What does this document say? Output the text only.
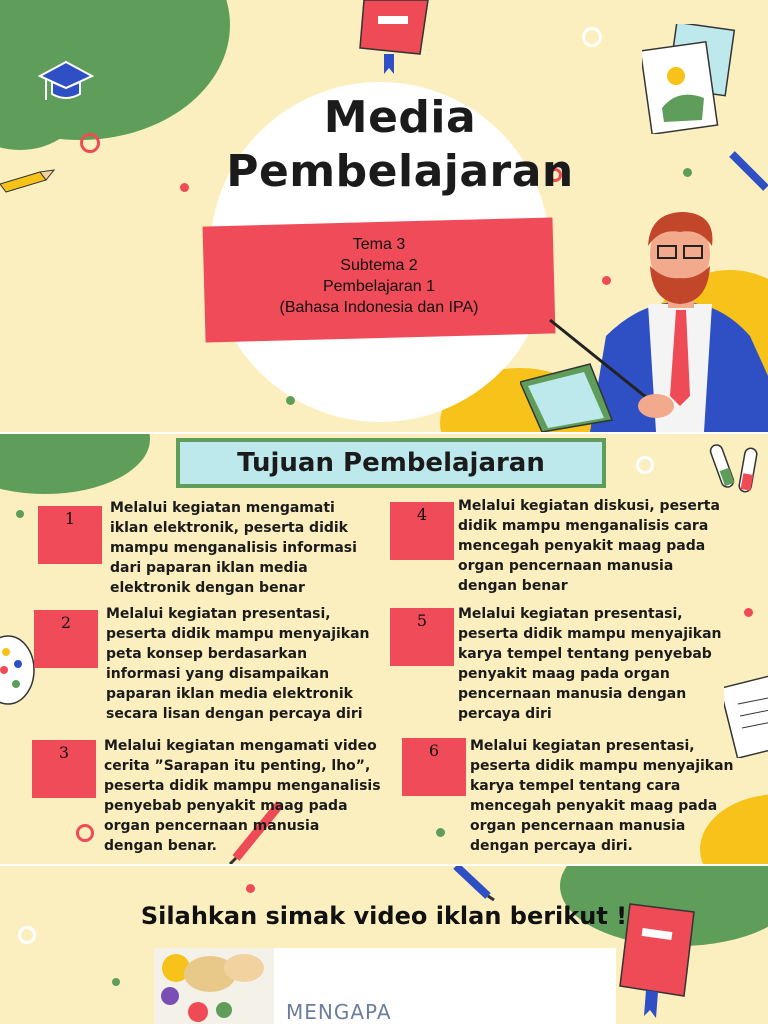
Media
Pembelajaran
Tema 3
Subtema 2
Pembelajaran 1
(Bahasa Indonesia dan IPA)
Tujuan Pembelajaran
1
Melalui kegiatan mengamati
iklan elektronik, peserta didik
mampu menganalisis informasi
dari paparan iklan media
elektronik dengan benar
2	Melalui kegiatan presentasi,
peserta didik mampu menyajikan
peta konsep berdasarkan
informasi yang disampaikan
paparan iklan media elektronik
secara lisan dengan percaya diri
3	Melalui kegiatan mengamati video
cerita ”Sarapan itu penting, lho”,
peserta didik mampu menganalisis
penyebab penyakit maag pada
organ pencernaan manusia
dengan benar.
4	Melalui kegiatan diskusi, peserta
didik mampu menganalisis cara
mencegah penyakit maag pada
organ pencernaan manusia
dengan benar
5	Melalui kegiatan presentasi,
peserta didik mampu menyajikan
karya tempel tentang penyebab
penyakit maag pada organ
pencernaan manusia dengan
percaya diri
6	Melalui kegiatan presentasi,
peserta didik mampu menyajikan
karya tempel tentang cara
mencegah penyakit maag pada
organ pencernaan manusia
dengan percaya diri.
Silahkan simak video iklan berikut !
MENGAPA
